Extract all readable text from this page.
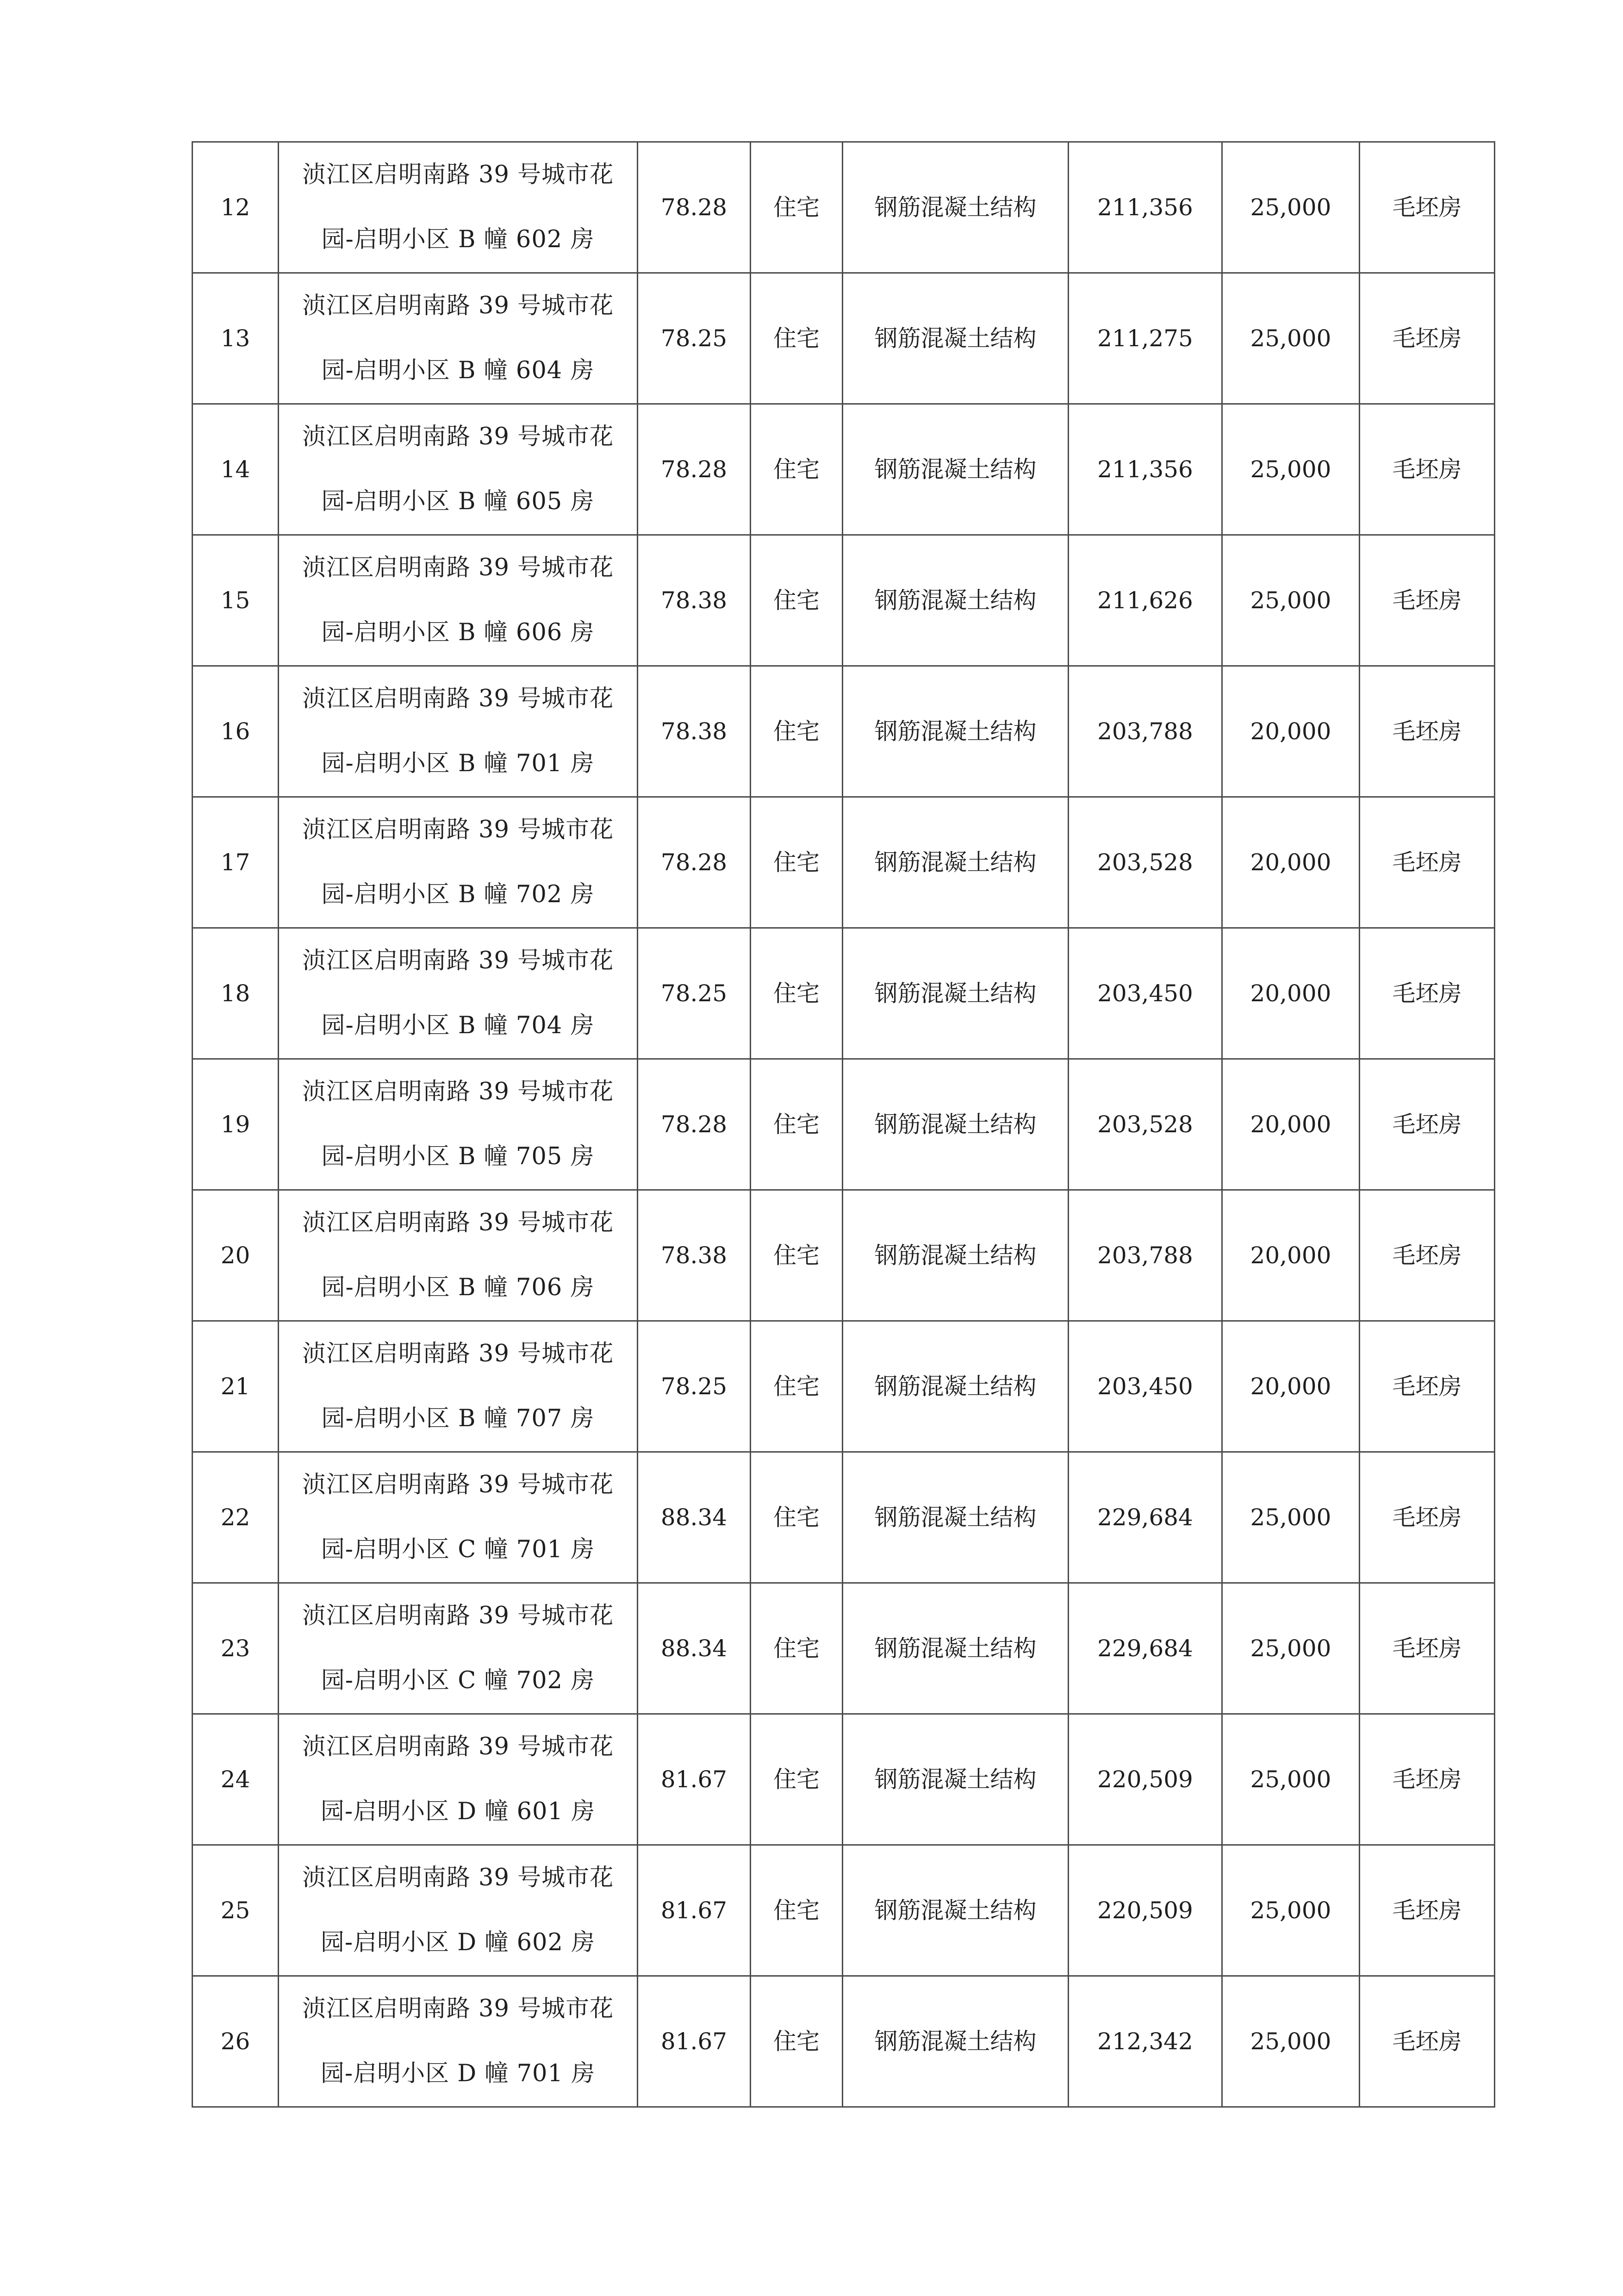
12	浈江区启明南路 39 号城市花
园-启明小区 B 幢 602 房	78.28	住宅	钢筋混凝土结构	211,356	25,000	毛坯房
13	浈江区启明南路 39 号城市花
园-启明小区 B 幢 604 房	78.25	住宅	钢筋混凝土结构	211,275	25,000	毛坯房
14	浈江区启明南路 39 号城市花
园-启明小区 B 幢 605 房	78.28	住宅	钢筋混凝土结构	211,356	25,000	毛坯房
15	浈江区启明南路 39 号城市花
园-启明小区 B 幢 606 房	78.38	住宅	钢筋混凝土结构	211,626	25,000	毛坯房
16	浈江区启明南路 39 号城市花
园-启明小区 B 幢 701 房	78.38	住宅	钢筋混凝土结构	203,788	20,000	毛坯房
17	浈江区启明南路 39 号城市花
园-启明小区 B 幢 702 房	78.28	住宅	钢筋混凝土结构	203,528	20,000	毛坯房
18	浈江区启明南路 39 号城市花
园-启明小区 B 幢 704 房	78.25	住宅	钢筋混凝土结构	203,450	20,000	毛坯房
19	浈江区启明南路 39 号城市花
园-启明小区 B 幢 705 房	78.28	住宅	钢筋混凝土结构	203,528	20,000	毛坯房
20	浈江区启明南路 39 号城市花
园-启明小区 B 幢 706 房	78.38	住宅	钢筋混凝土结构	203,788	20,000	毛坯房
21	浈江区启明南路 39 号城市花
园-启明小区 B 幢 707 房	78.25	住宅	钢筋混凝土结构	203,450	20,000	毛坯房
22	浈江区启明南路 39 号城市花
园-启明小区 C 幢 701 房	88.34	住宅	钢筋混凝土结构	229,684	25,000	毛坯房
23	浈江区启明南路 39 号城市花
园-启明小区 C 幢 702 房	88.34	住宅	钢筋混凝土结构	229,684	25,000	毛坯房
24	浈江区启明南路 39 号城市花
园-启明小区 D 幢 601 房	81.67	住宅	钢筋混凝土结构	220,509	25,000	毛坯房
25	浈江区启明南路 39 号城市花
园-启明小区 D 幢 602 房	81.67	住宅	钢筋混凝土结构	220,509	25,000	毛坯房
26	浈江区启明南路 39 号城市花
园-启明小区 D 幢 701 房	81.67	住宅	钢筋混凝土结构	212,342	25,000	毛坯房
